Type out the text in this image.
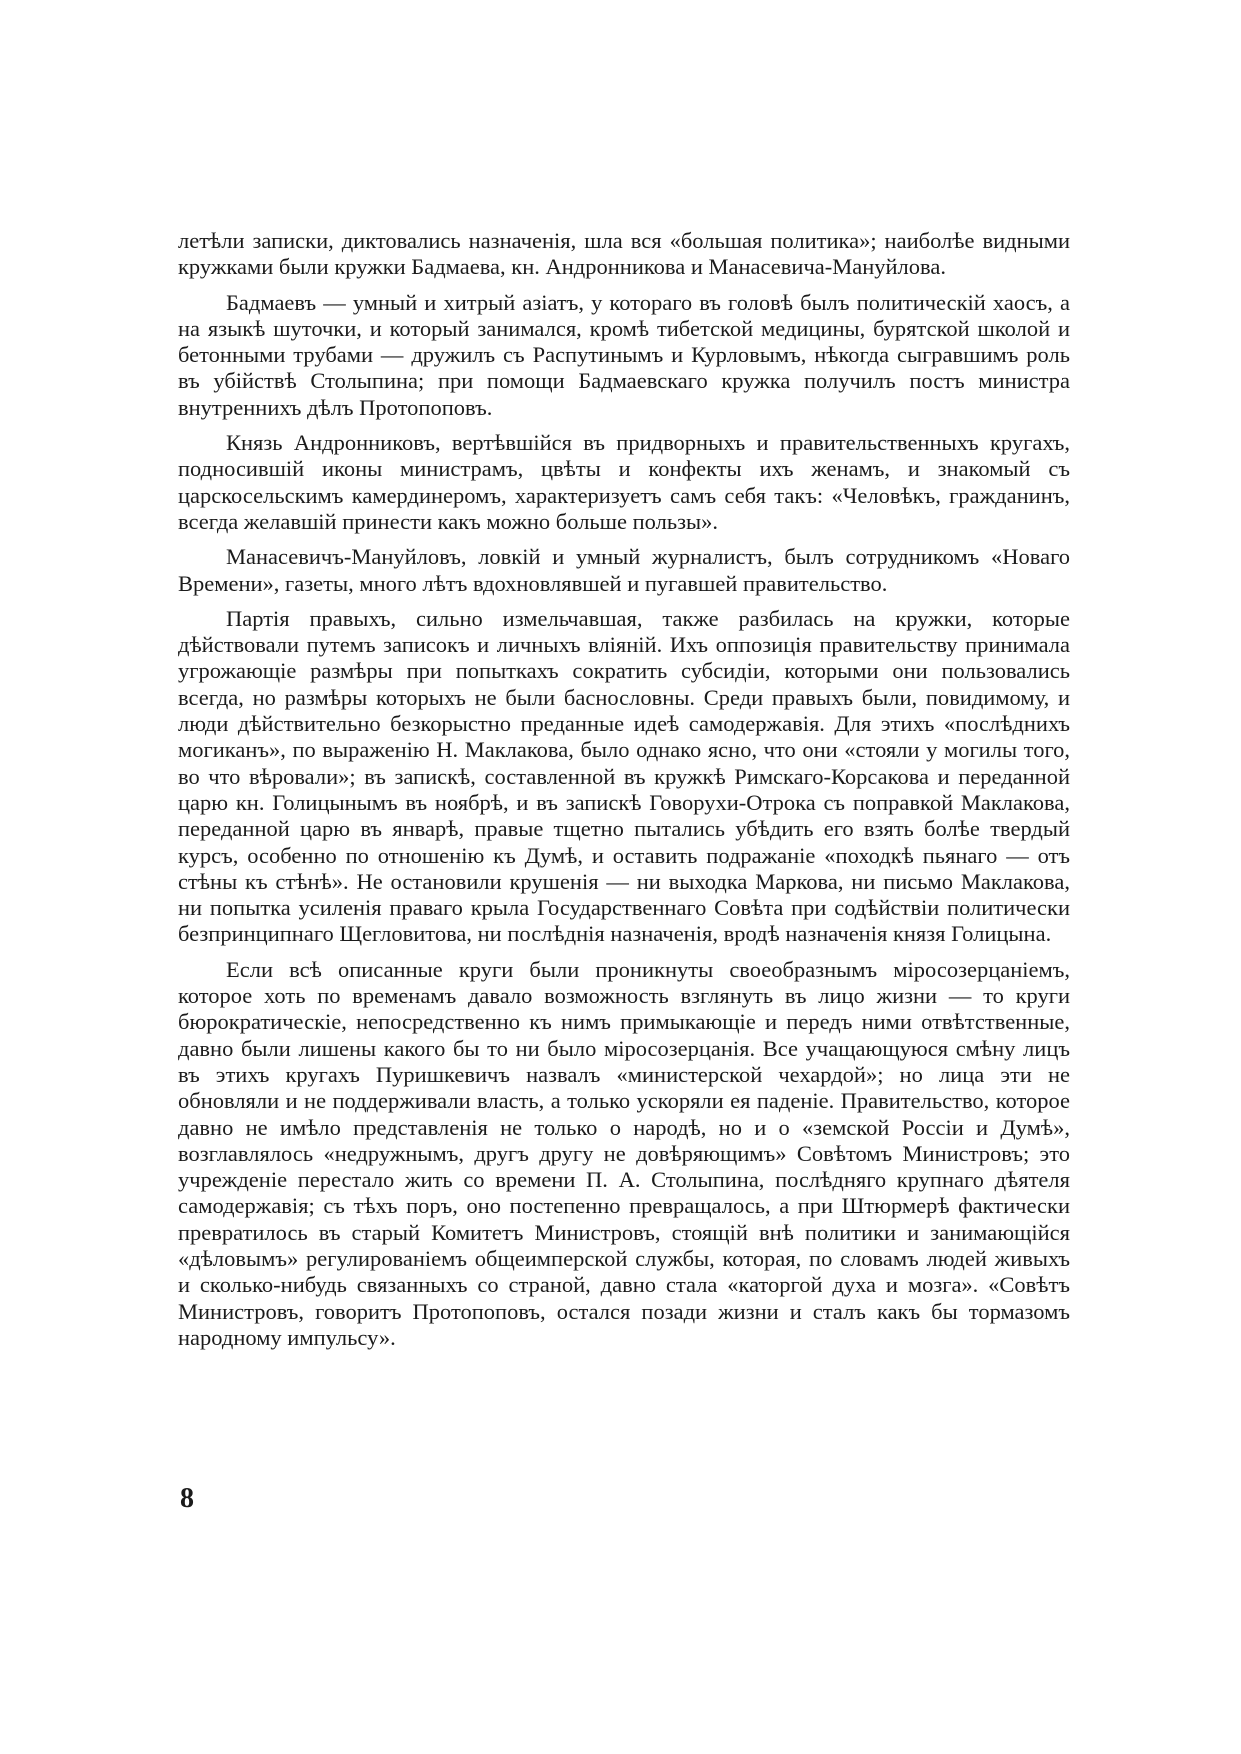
летѣли записки, диктовались назначенія, шла вся «большая политика»; наиболѣе видными кружками были кружки Бадмаева, кн. Андронникова и Манасевича-Мануйлова.

Бадмаевъ — умный и хитрый азіатъ, у котораго въ головѣ былъ политическій хаосъ, а на языкѣ шуточки, и который занимался, кромѣ тибетской медицины, бурятской школой и бетонными трубами — дружилъ съ Распутинымъ и Курловымъ, нѣкогда сыгравшимъ роль въ убійствѣ Столыпина; при помощи Бадмаевскаго кружка получилъ постъ министра внутреннихъ дѣлъ Протопоповъ.

Князь Андронниковъ, вертѣвшійся въ придворныхъ и правительственныхъ кругахъ, подносившій иконы министрамъ, цвѣты и конфекты ихъ женамъ, и знакомый съ царскосельскимъ камердинеромъ, характеризуетъ самъ себя такъ: «Человѣкъ, гражданинъ, всегда желавшій принести какъ можно больше пользы».

Манасевичъ-Мануйловъ, ловкій и умный журналистъ, былъ сотрудникомъ «Новаго Времени», газеты, много лѣтъ вдохновлявшей и пугавшей правительство.

Партія правыхъ, сильно измельчавшая, также разбилась на кружки, которые дѣйствовали путемъ записокъ и личныхъ вліяній. Ихъ оппозиція правительству принимала угрожающіе размѣры при попыткахъ сократить субсидіи, которыми они пользовались всегда, но размѣры которыхъ не были баснословны. Среди правыхъ были, повидимому, и люди дѣйствительно безкорыстно преданные идеѣ самодержавія. Для этихъ «послѣднихъ могиканъ», по выраженію Н. Маклакова, было однако ясно, что они «стояли у могилы того, во что вѣровали»; въ запискѣ, составленной въ кружкѣ Римскаго-Корсакова и переданной царю кн. Голицынымъ въ ноябрѣ, и въ запискѣ Говорухи-Отрока съ поправкой Маклакова, переданной царю въ январѣ, правые тщетно пытались убѣдить его взять болѣе твердый курсъ, особенно по отношенію къ Думѣ, и оставить подражаніе «походкѣ пьянаго — отъ стѣны къ стѣнѣ». Не остановили крушенія — ни выходка Маркова, ни письмо Маклакова, ни попытка усиленія праваго крыла Государственнаго Совѣта при содѣйствіи политически безпринципнаго Щегловитова, ни послѣднія назначенія, вродѣ назначенія князя Голицына.

Если всѣ описанные круги были проникнуты своеобразнымъ міросозерцаніемъ, которое хоть по временамъ давало возможность взглянуть въ лицо жизни — то круги бюрократическіе, непосредственно къ нимъ примыкающіе и передъ ними отвѣтственные, давно были лишены какого бы то ни было міросозерцанія. Все учащающуюся смѣну лицъ въ этихъ кругахъ Пуришкевичъ назвалъ «министерской чехардой»; но лица эти не обновляли и не поддерживали власть, а только ускоряли ея паденіе. Правительство, которое давно не имѣло представленія не только о народѣ, но и о «земской Россіи и Думѣ», возглавлялось «недружнымъ, другъ другу не довѣряющимъ» Совѣтомъ Министровъ; это учрежденіе перестало жить со времени П. А. Столыпина, послѣдняго крупнаго дѣятеля самодержавія; съ тѣхъ поръ, оно постепенно превращалось, а при Штюрмерѣ фактически превратилось въ старый Комитетъ Министровъ, стоящій внѣ политики и занимающійся «дѣловымъ» регулированіемъ общеимперской службы, которая, по словамъ людей живыхъ и сколько-нибудь связанныхъ со страной, давно стала «каторгой духа и мозга». «Совѣтъ Министровъ, говоритъ Протопоповъ, остался позади жизни и сталъ какъ бы тормазомъ народному импульсу».

8
